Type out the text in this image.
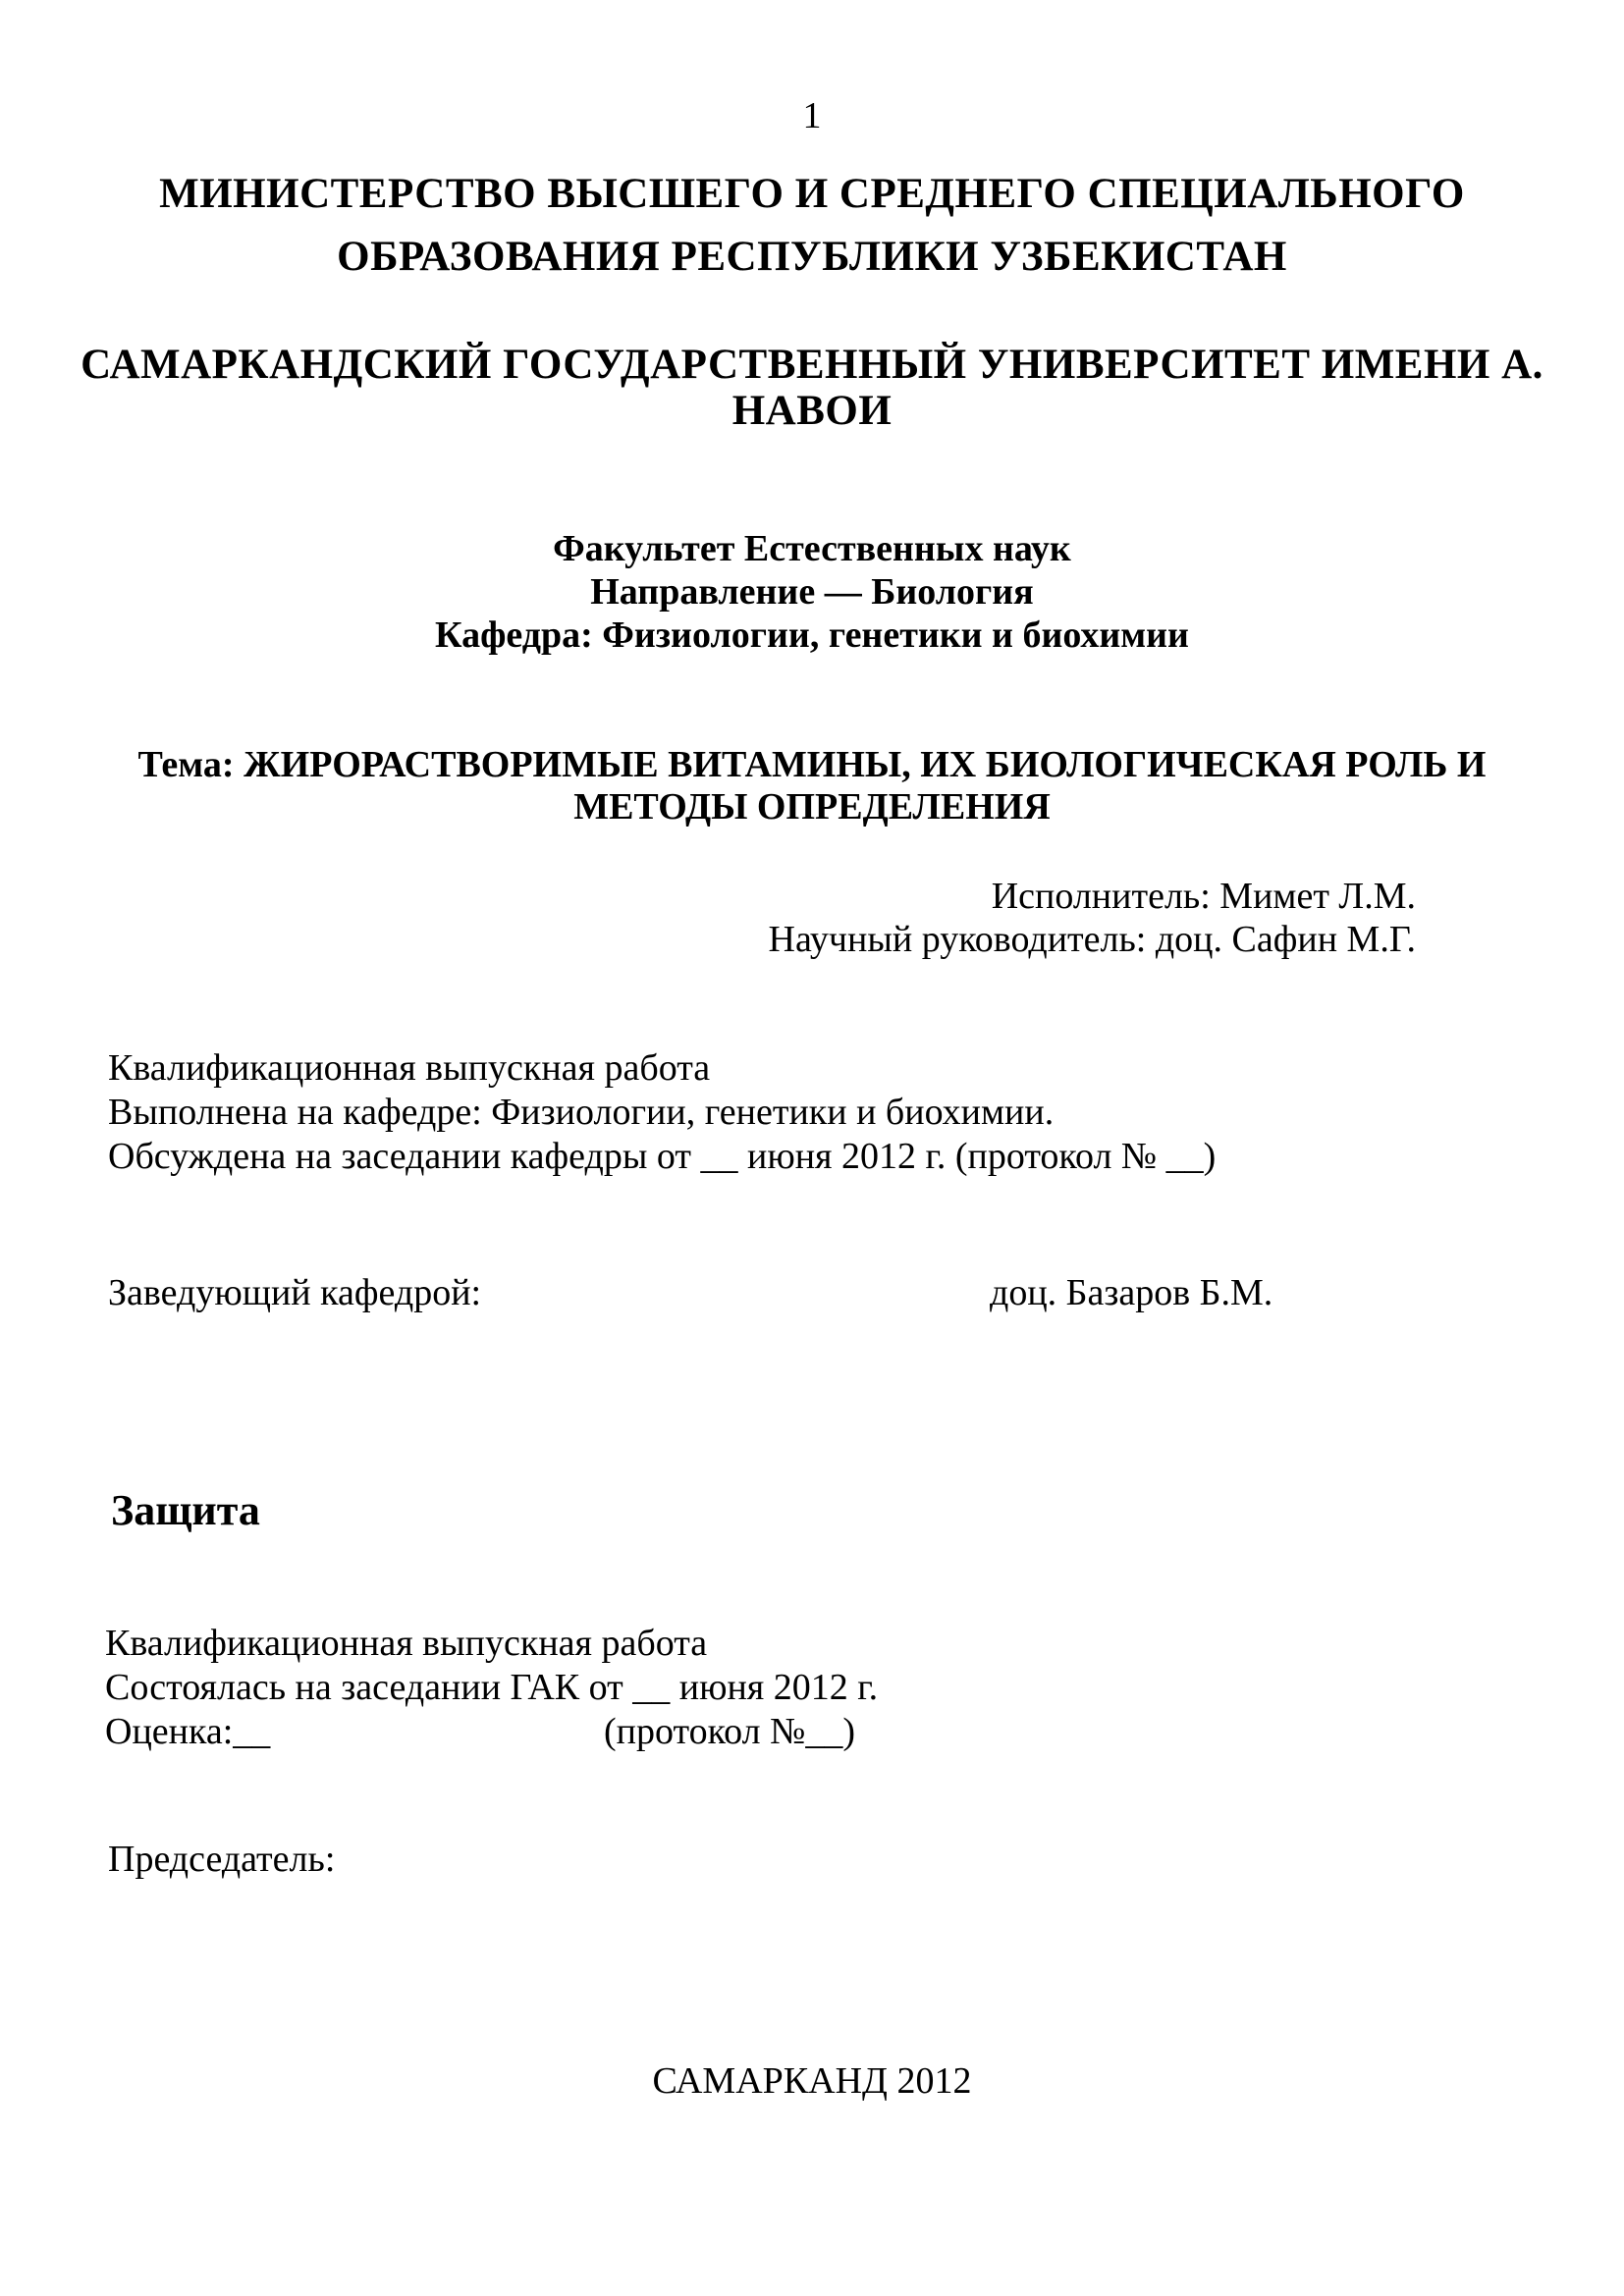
1
МИНИСТЕРСТВО ВЫСШЕГО И СРЕДНЕГО СПЕЦИАЛЬНОГО
ОБРАЗОВАНИЯ РЕСПУБЛИКИ УЗБЕКИСТАН
САМАРКАНДСКИЙ ГОСУДАРСТВЕННЫЙ УНИВЕРСИТЕТ ИМЕНИ А.
НАВОИ
Факультет Естественных наук
Направление — Биология
Кафедра: Физиологии, генетики и биохимии
Тема: ЖИРОРАСТВОРИМЫЕ ВИТАМИНЫ, ИХ БИОЛОГИЧЕСКАЯ РОЛЬ И
МЕТОДЫ ОПРЕДЕЛЕНИЯ
Исполнитель: Мимет Л.М.
Научный руководитель: доц. Сафин М.Г.
Квалификационная выпускная работа
Выполнена на кафедре: Физиологии, генетики и биохимии.
Обсуждена на заседании кафедры от __ июня 2012 г. (протокол № __)
Заведующий кафедрой:	доц. Базаров Б.М.
Защита
Квалификационная выпускная работа
Состоялась на заседании ГАК от __ июня 2012 г.
Оценка:__	(протокол №__)
Председатель:
САМАРКАНД 2012
